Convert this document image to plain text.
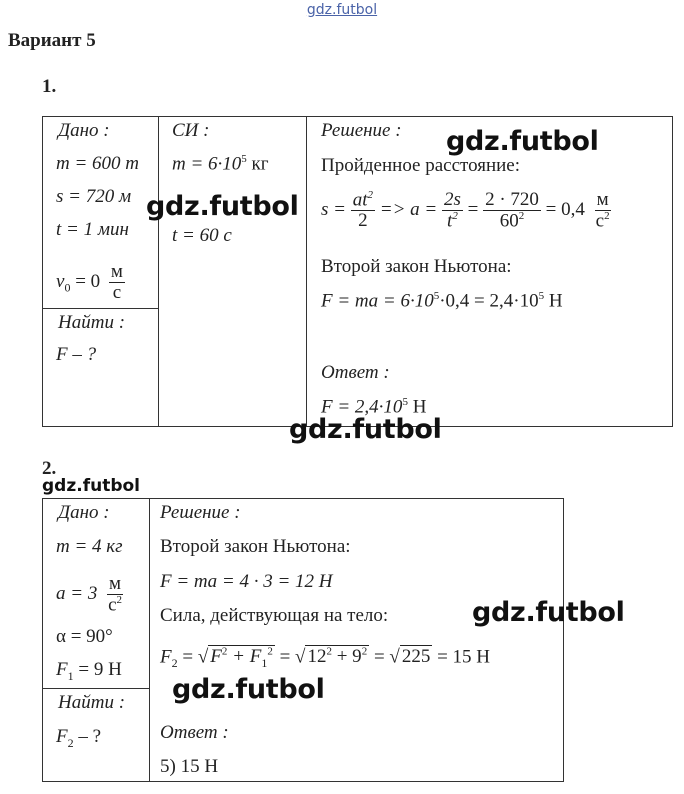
gdz.futbol
Вариант 5
1.
Дано :
m = 600 т
s = 720 м
t = 1 мин
$v_0 = 0 \frac{м}{с}$
Найти :
F – ?
СИ :
$m = 6\cdot 10^5$ кг
t = 60 с
Решение :
Пройденное расстояние:
$s = \frac{at^2}{2} => a = \frac{2s}{t^2} = \frac{2 \cdot 720}{60^2} = 0,4 \frac{м}{с^2}$
Второй закон Ньютона:
F = ma = $6\cdot 10^5\cdot 0,4 = 2,4\cdot 10^5$ Н
Ответ :
$F = 2,4\cdot 10^5$ Н
gdz.futbol
gdz.futbol
gdz.futbol
2.
gdz.futbol
Дано :
m = 4 кг
$a = 3 \frac{м}{с^2}$
α = 90°
$F_1 = 9$ Н
Найти :
$F_2$ – ?
Решение :
Второй закон Ньютона:
F = ma = 4 · 3 = 12 Н
Сила, действующая на тело:
$F_2$ = √ $F^2 + F_1^2$ = √ $12^2 + 9^2$ = √ 225 = 15 Н
Ответ :
5) 15 Н
gdz.futbol
gdz.futbol
